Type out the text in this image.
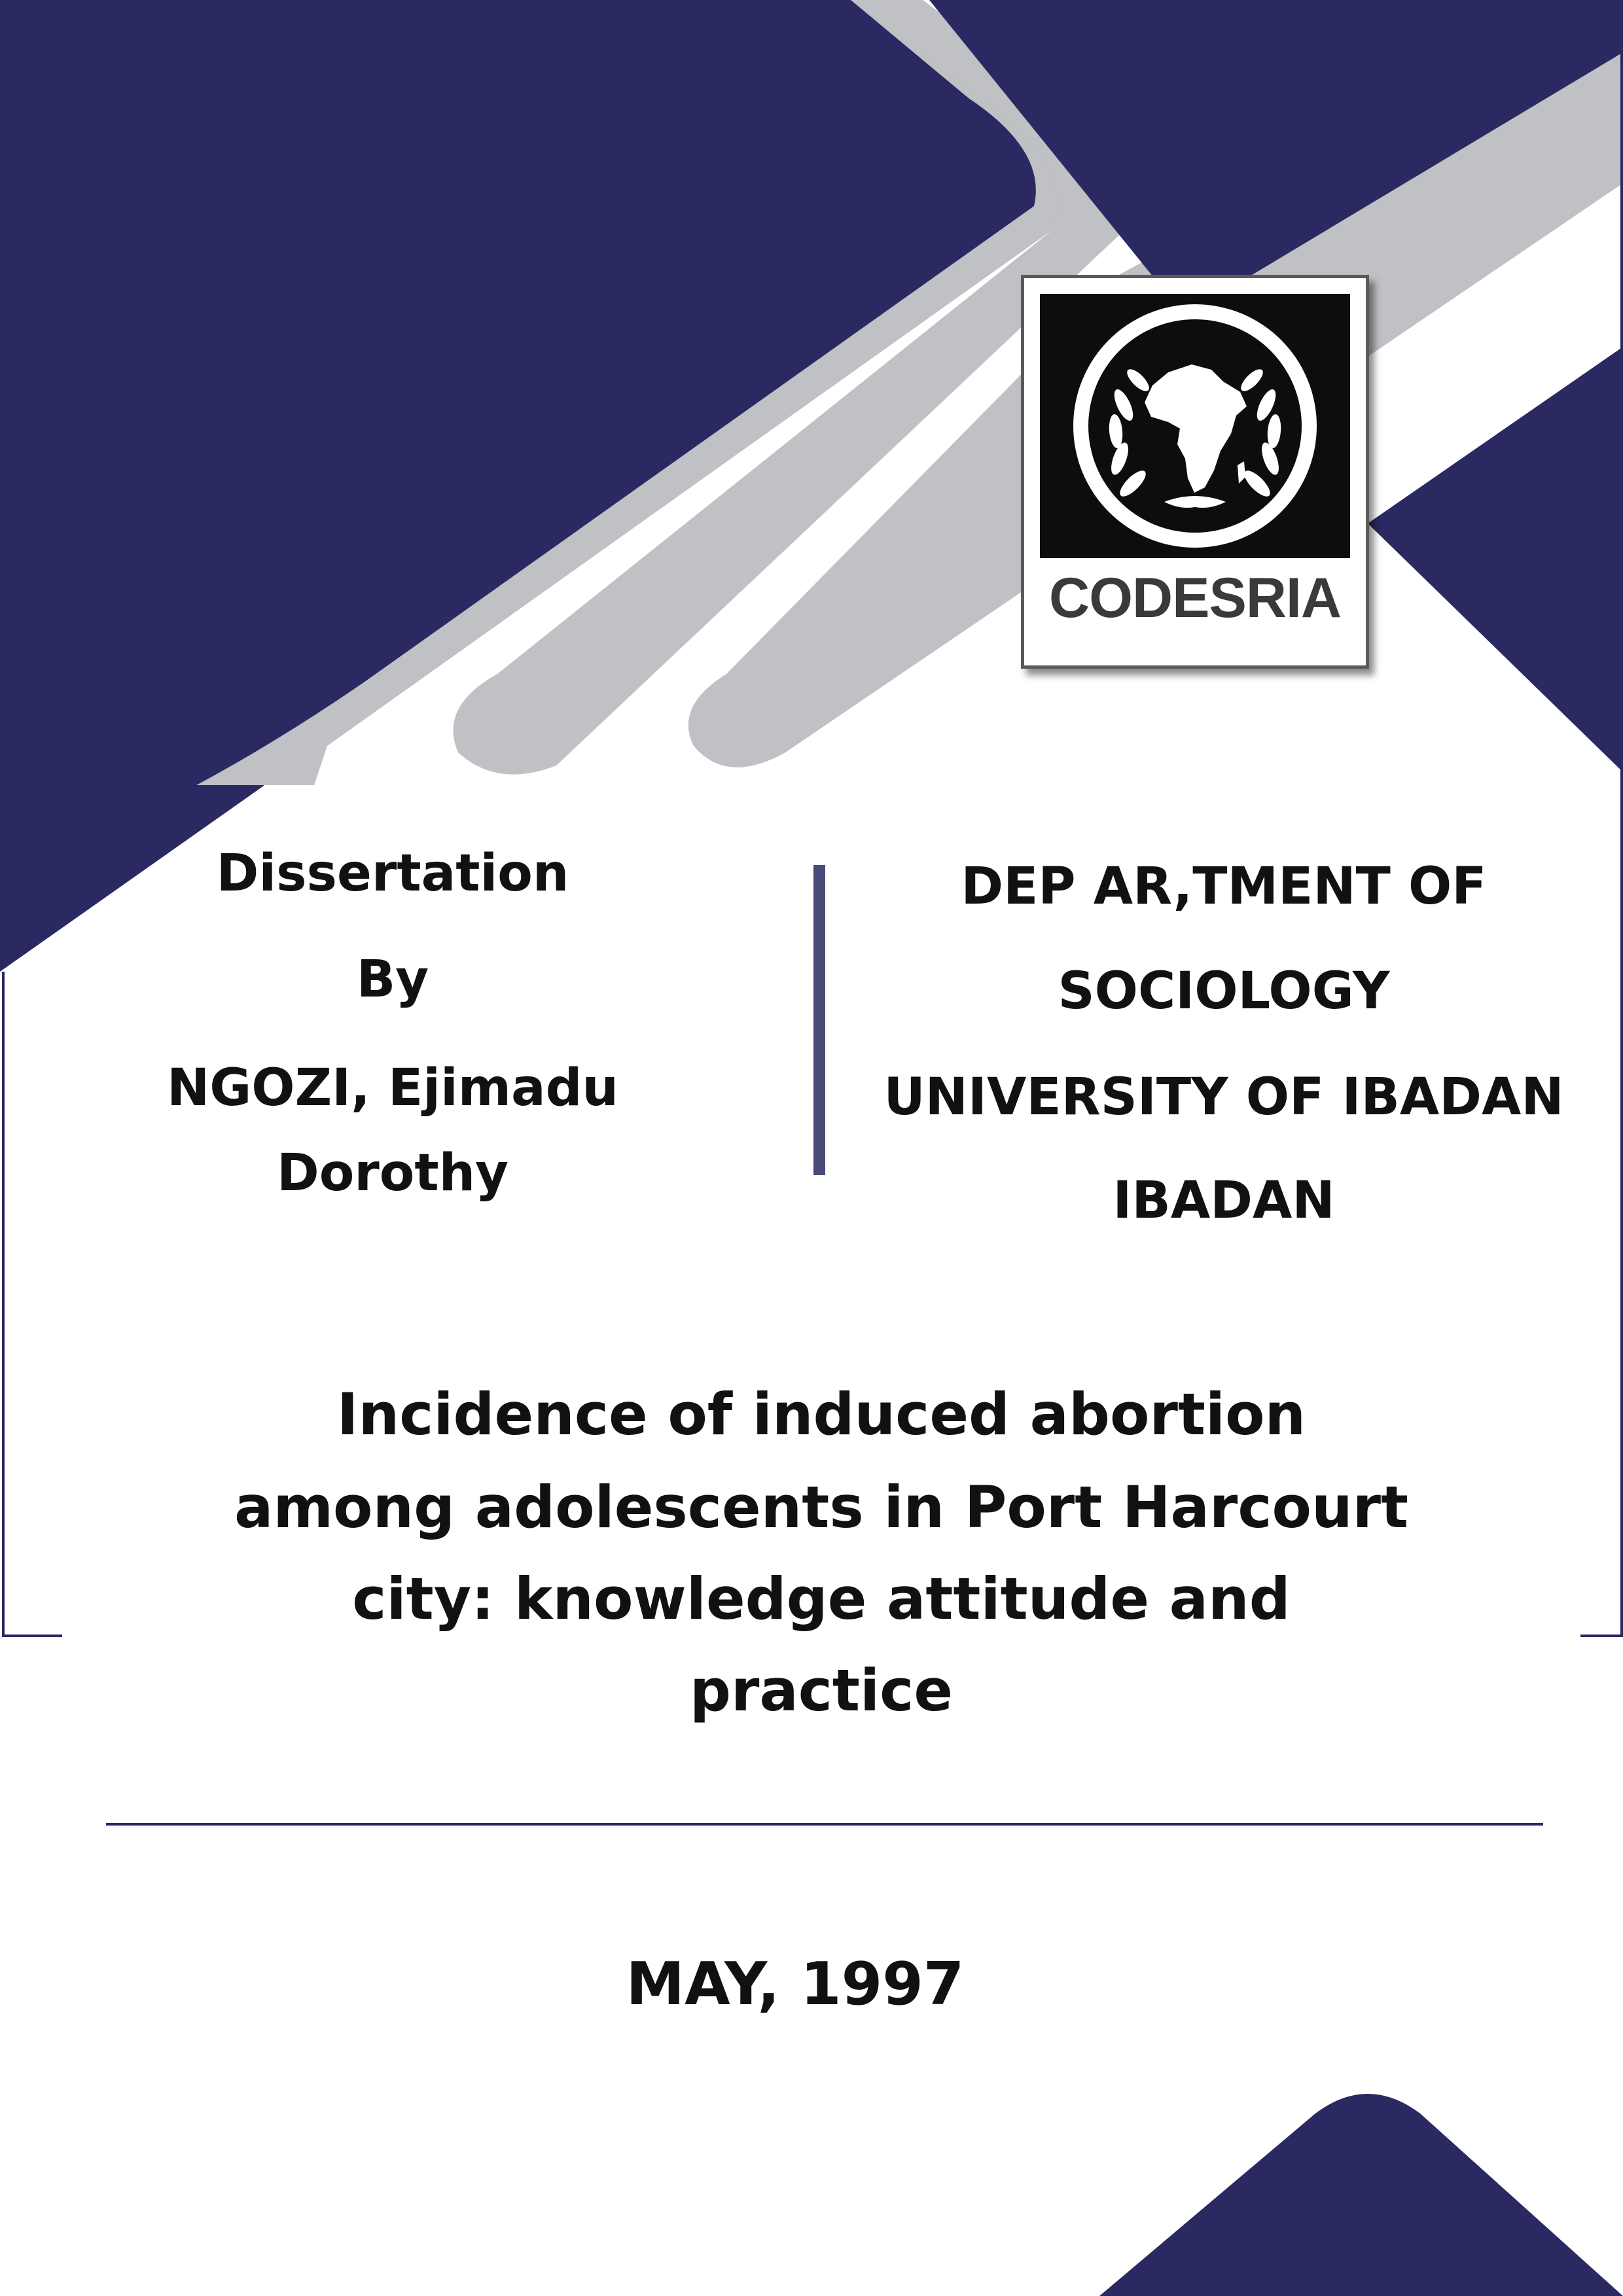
CODESRIA
Dissertation
By
NGOZI, Ejimadu
Dorothy
DEP AR,TMENT OF
SOCIOLOGY
UNIVERSITY OF IBADAN
IBADAN
Incidence of induced abortion
among adolescents in Port Harcourt
city: knowledge attitude and
practice
MAY, 1997
